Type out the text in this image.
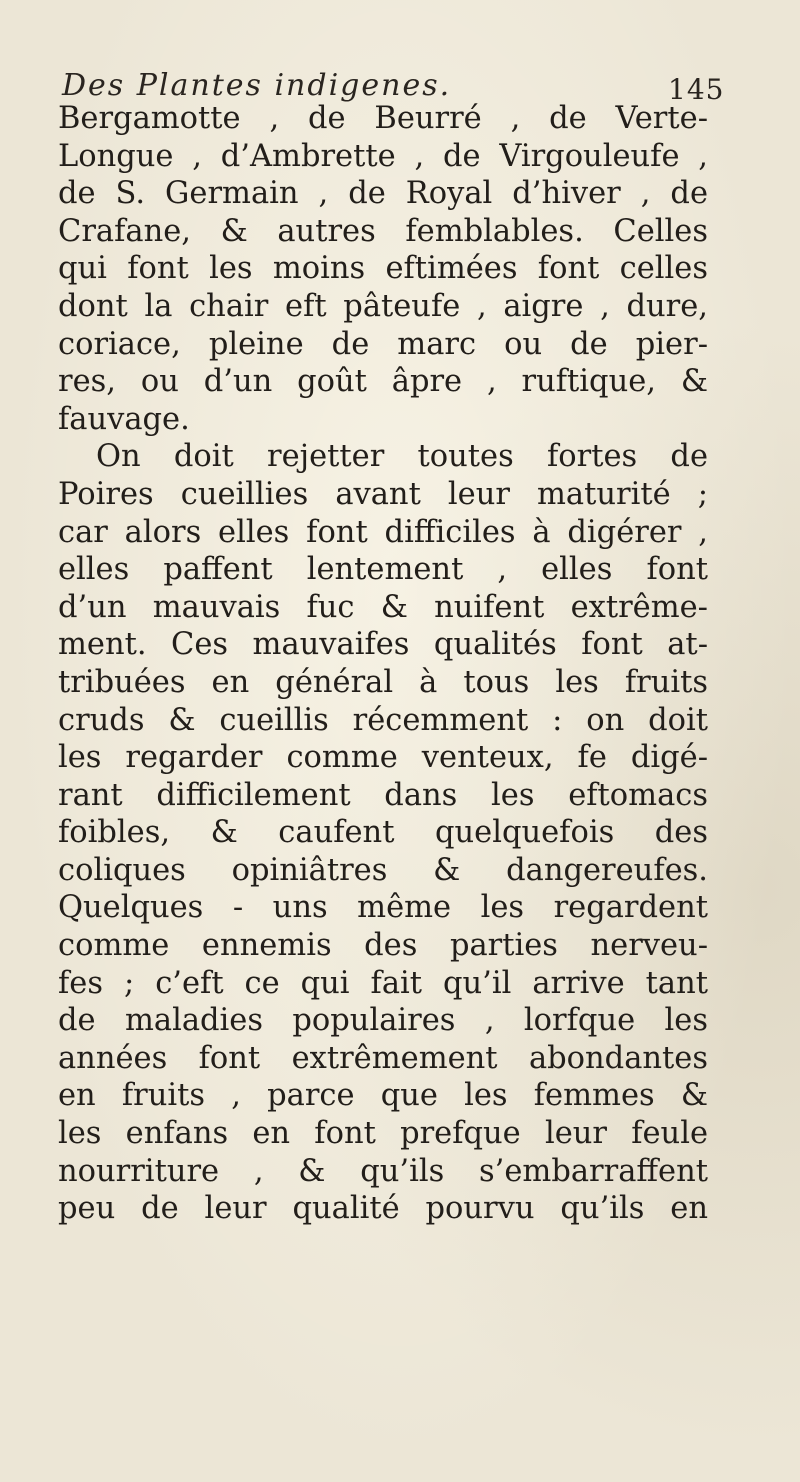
Des Plantes indigenes.	145
Bergamotte , de Beurré , de Verte-
Longue , d’Ambrette , de Virgouleufe ,
de S. Germain , de Royal d’hiver , de
Crafane, & autres femblables. Celles
qui font les moins eftimées font celles
dont la chair eft pâteufe , aigre , dure,
coriace, pleine de marc ou de pier-
res, ou d’un goût âpre , ruftique, &
fauvage.
On doit rejetter toutes fortes de
Poires cueillies avant leur maturité ;
car alors elles font difficiles à digérer ,
elles paffent lentement , elles font
d’un mauvais fuc & nuifent extrême-
ment. Ces mauvaifes qualités font at-
tribuées en général à tous les fruits
cruds & cueillis récemment : on doit
les regarder comme venteux, fe digé-
rant difficilement dans les eftomacs
foibles, & caufent quelquefois des
coliques opiniâtres & dangereufes.
Quelques - uns même les regardent
comme ennemis des parties nerveu-
fes ; c’eft ce qui fait qu’il arrive tant
de maladies populaires , lorfque les
années font extrêmement abondantes
en fruits , parce que les femmes &
les enfans en font prefque leur feule
nourriture , & qu’ils s’embarraffent
peu de leur qualité pourvu qu’ils en
